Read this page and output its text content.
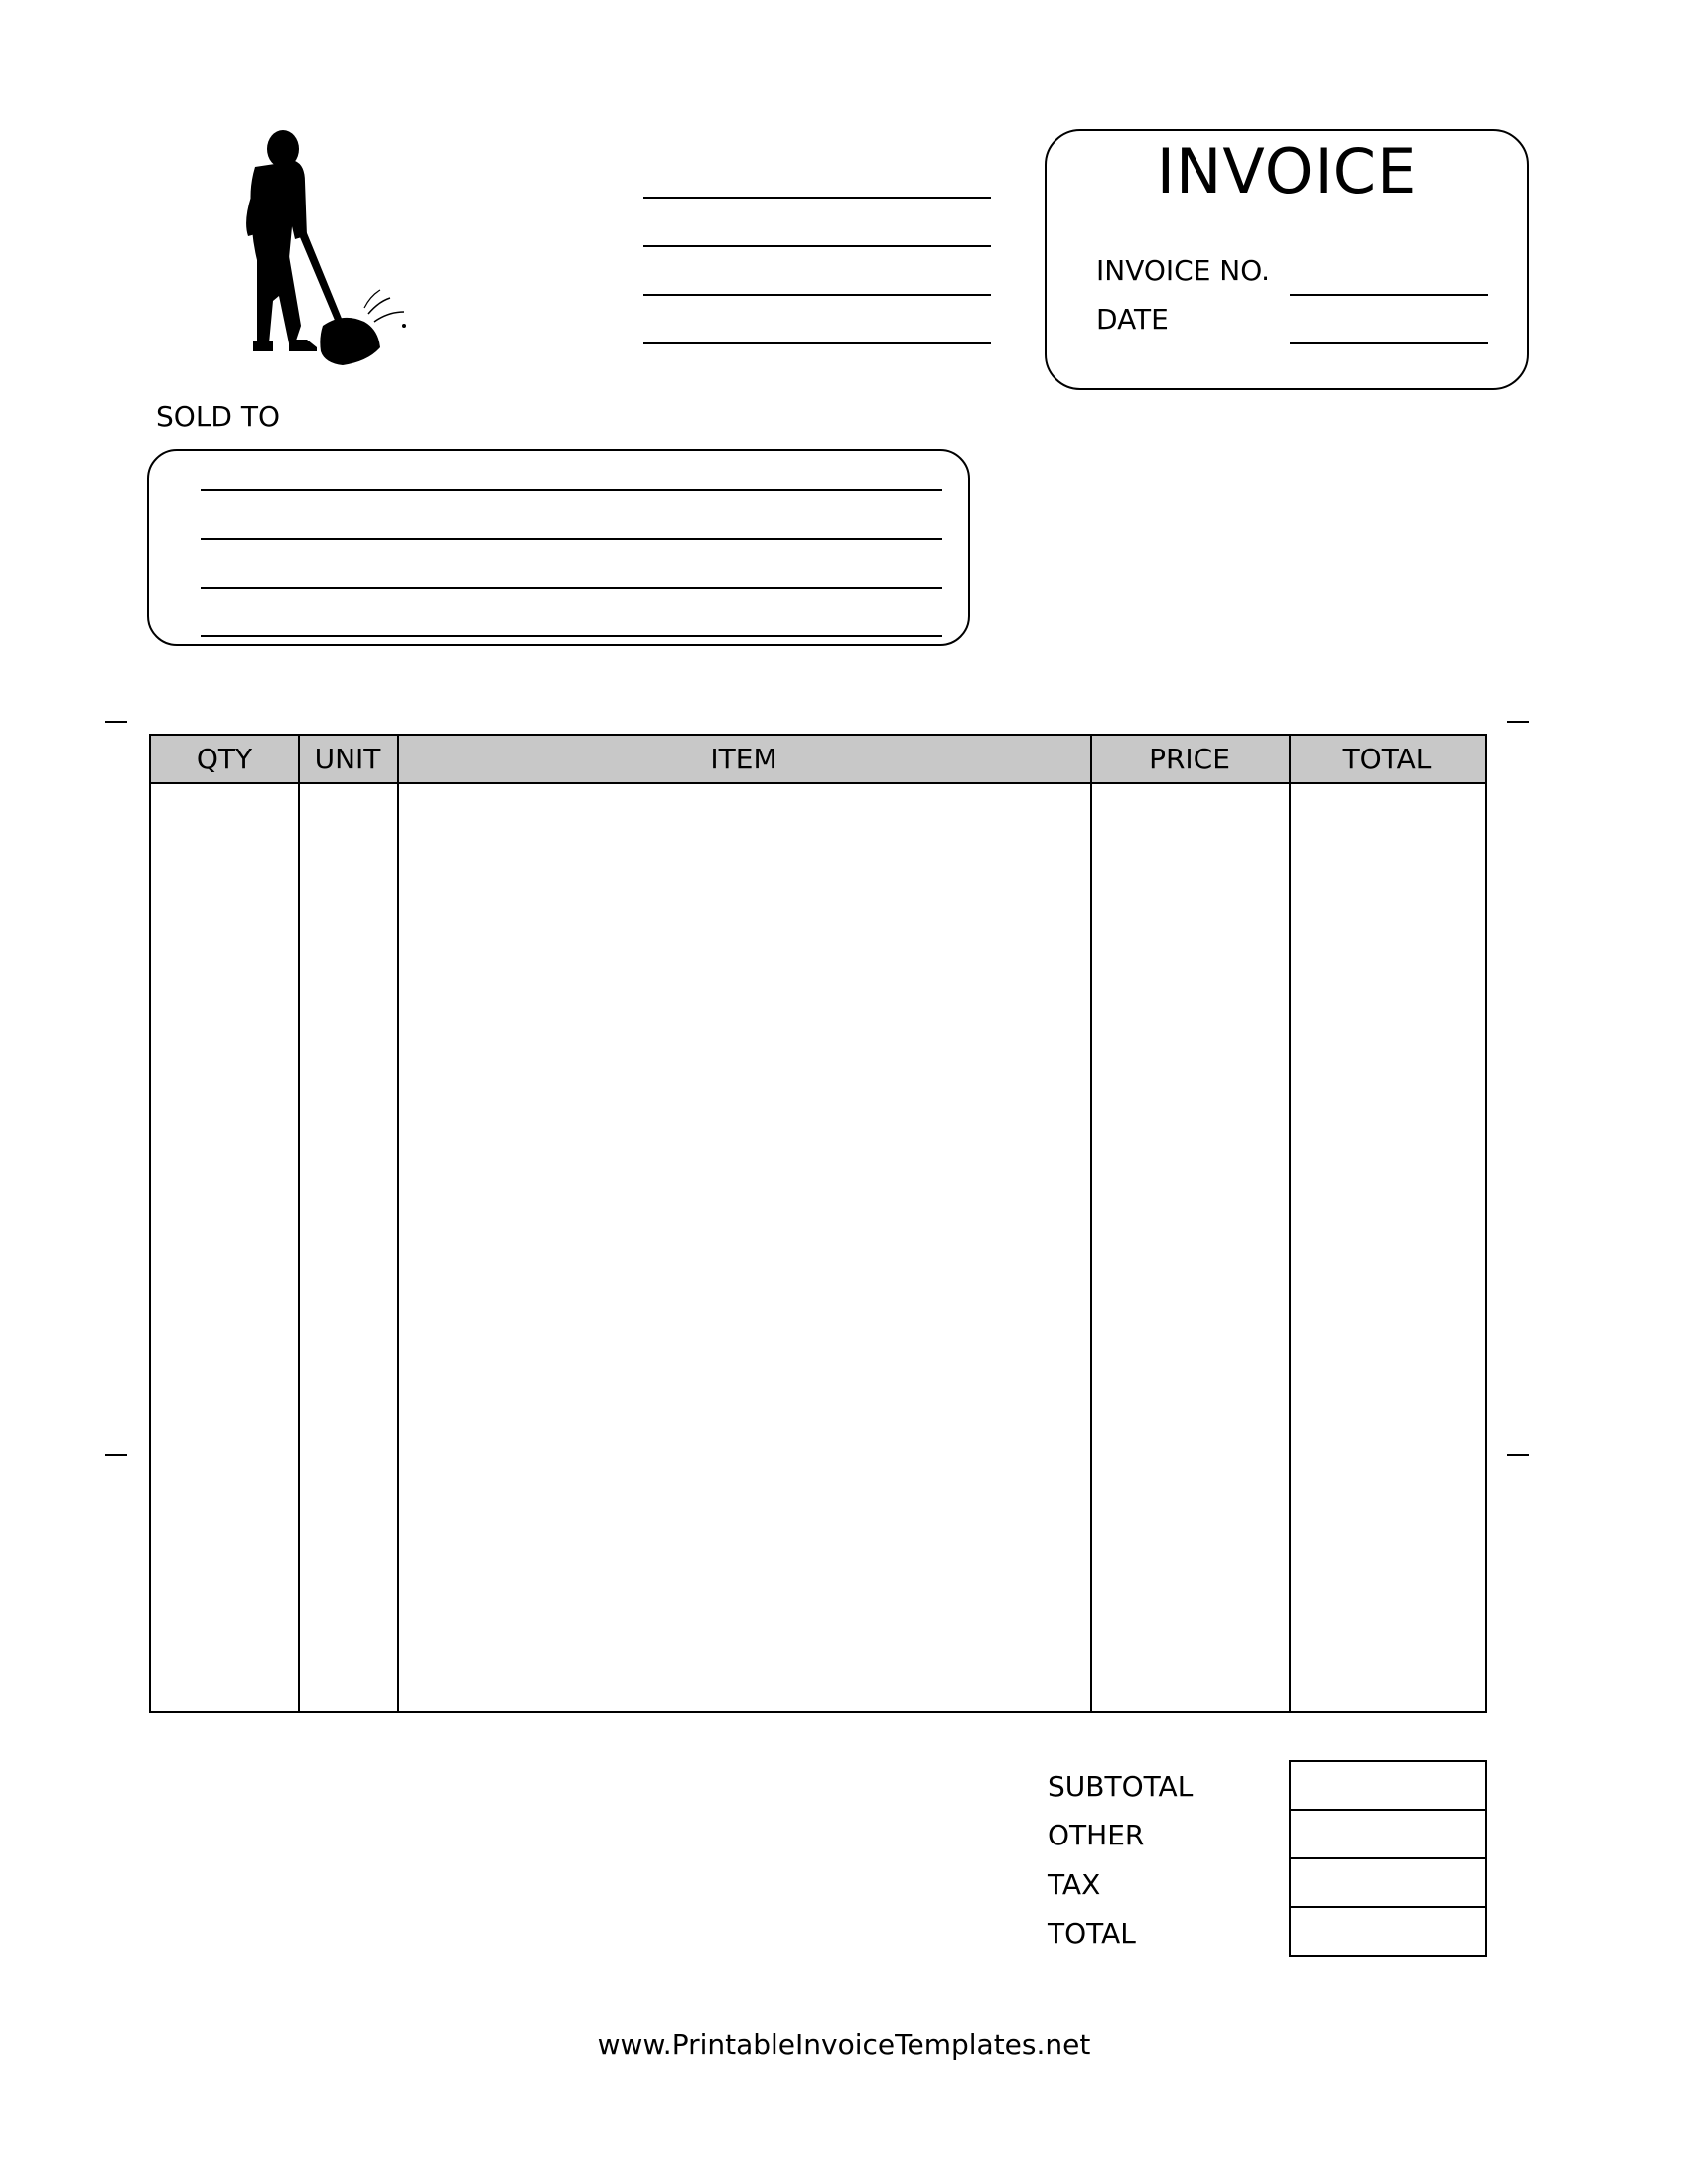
INVOICE
INVOICE NO.
DATE
SOLD TO
QTY	UNIT	ITEM	PRICE	TOTAL
SUBTOTAL
OTHER
TAX
TOTAL
www.PrintableInvoiceTemplates.net
